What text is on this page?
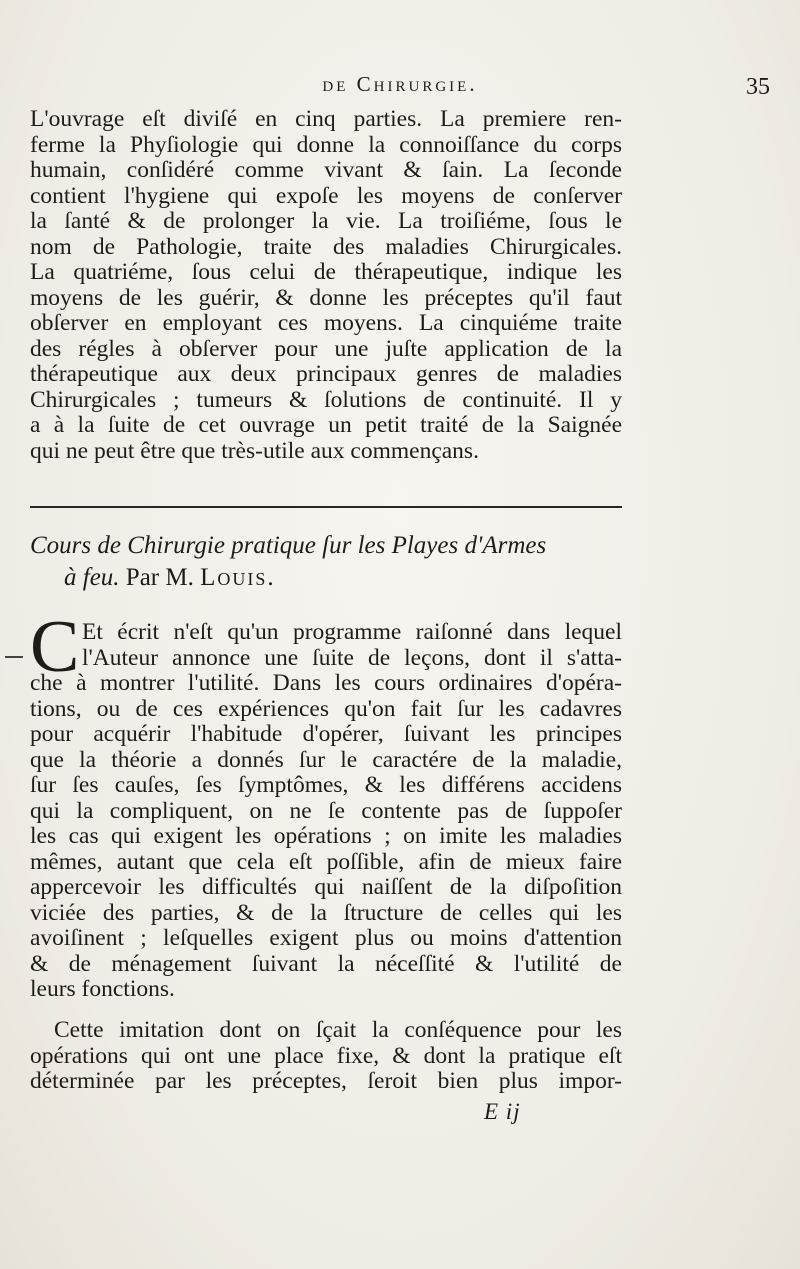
de Chirurgie.	35
L'ouvrage eſt diviſé en cinq parties. La premiere ren-
ferme la Phyſiologie qui donne la connoiſſance du corps
humain, conſidéré comme vivant & ſain. La ſeconde
contient l'hygiene qui expoſe les moyens de conſerver
la ſanté & de prolonger la vie. La troiſiéme, ſous le
nom de Pathologie, traite des maladies Chirurgicales.
La quatriéme, ſous celui de thérapeutique, indique les
moyens de les guérir, & donne les préceptes qu'il faut
obſerver en employant ces moyens. La cinquiéme traite
des régles à obſerver pour une juſte application de la
thérapeutique aux deux principaux genres de maladies
Chirurgicales ; tumeurs & ſolutions de continuité. Il y
a à la ſuite de cet ouvrage un petit traité de la Saignée
qui ne peut être que très-utile aux commençans.
Cours de Chirurgie pratique ſur les Playes d'Armes
à feu. Par M. Louis.
C Et écrit n'eſt qu'un programme raiſonné dans lequel
l'Auteur annonce une ſuite de leçons, dont il s'atta-
che à montrer l'utilité. Dans les cours ordinaires d'opéra-
tions, ou de ces expériences qu'on fait ſur les cadavres
pour acquérir l'habitude d'opérer, ſuivant les principes
que la théorie a donnés ſur le caractére de la maladie,
ſur ſes cauſes, ſes ſymptômes, & les différens accidens
qui la compliquent, on ne ſe contente pas de ſuppoſer
les cas qui exigent les opérations ; on imite les maladies
mêmes, autant que cela eſt poſſible, afin de mieux faire
appercevoir les difficultés qui naiſſent de la diſpoſition
viciée des parties, & de la ſtructure de celles qui les
avoiſinent ; leſquelles exigent plus ou moins d'attention
& de ménagement ſuivant la néceſſité & l'utilité de
leurs fonctions.
Cette imitation dont on ſçait la conſéquence pour les
opérations qui ont une place fixe, & dont la pratique eſt
déterminée par les préceptes, ſeroit bien plus impor-
E ij
